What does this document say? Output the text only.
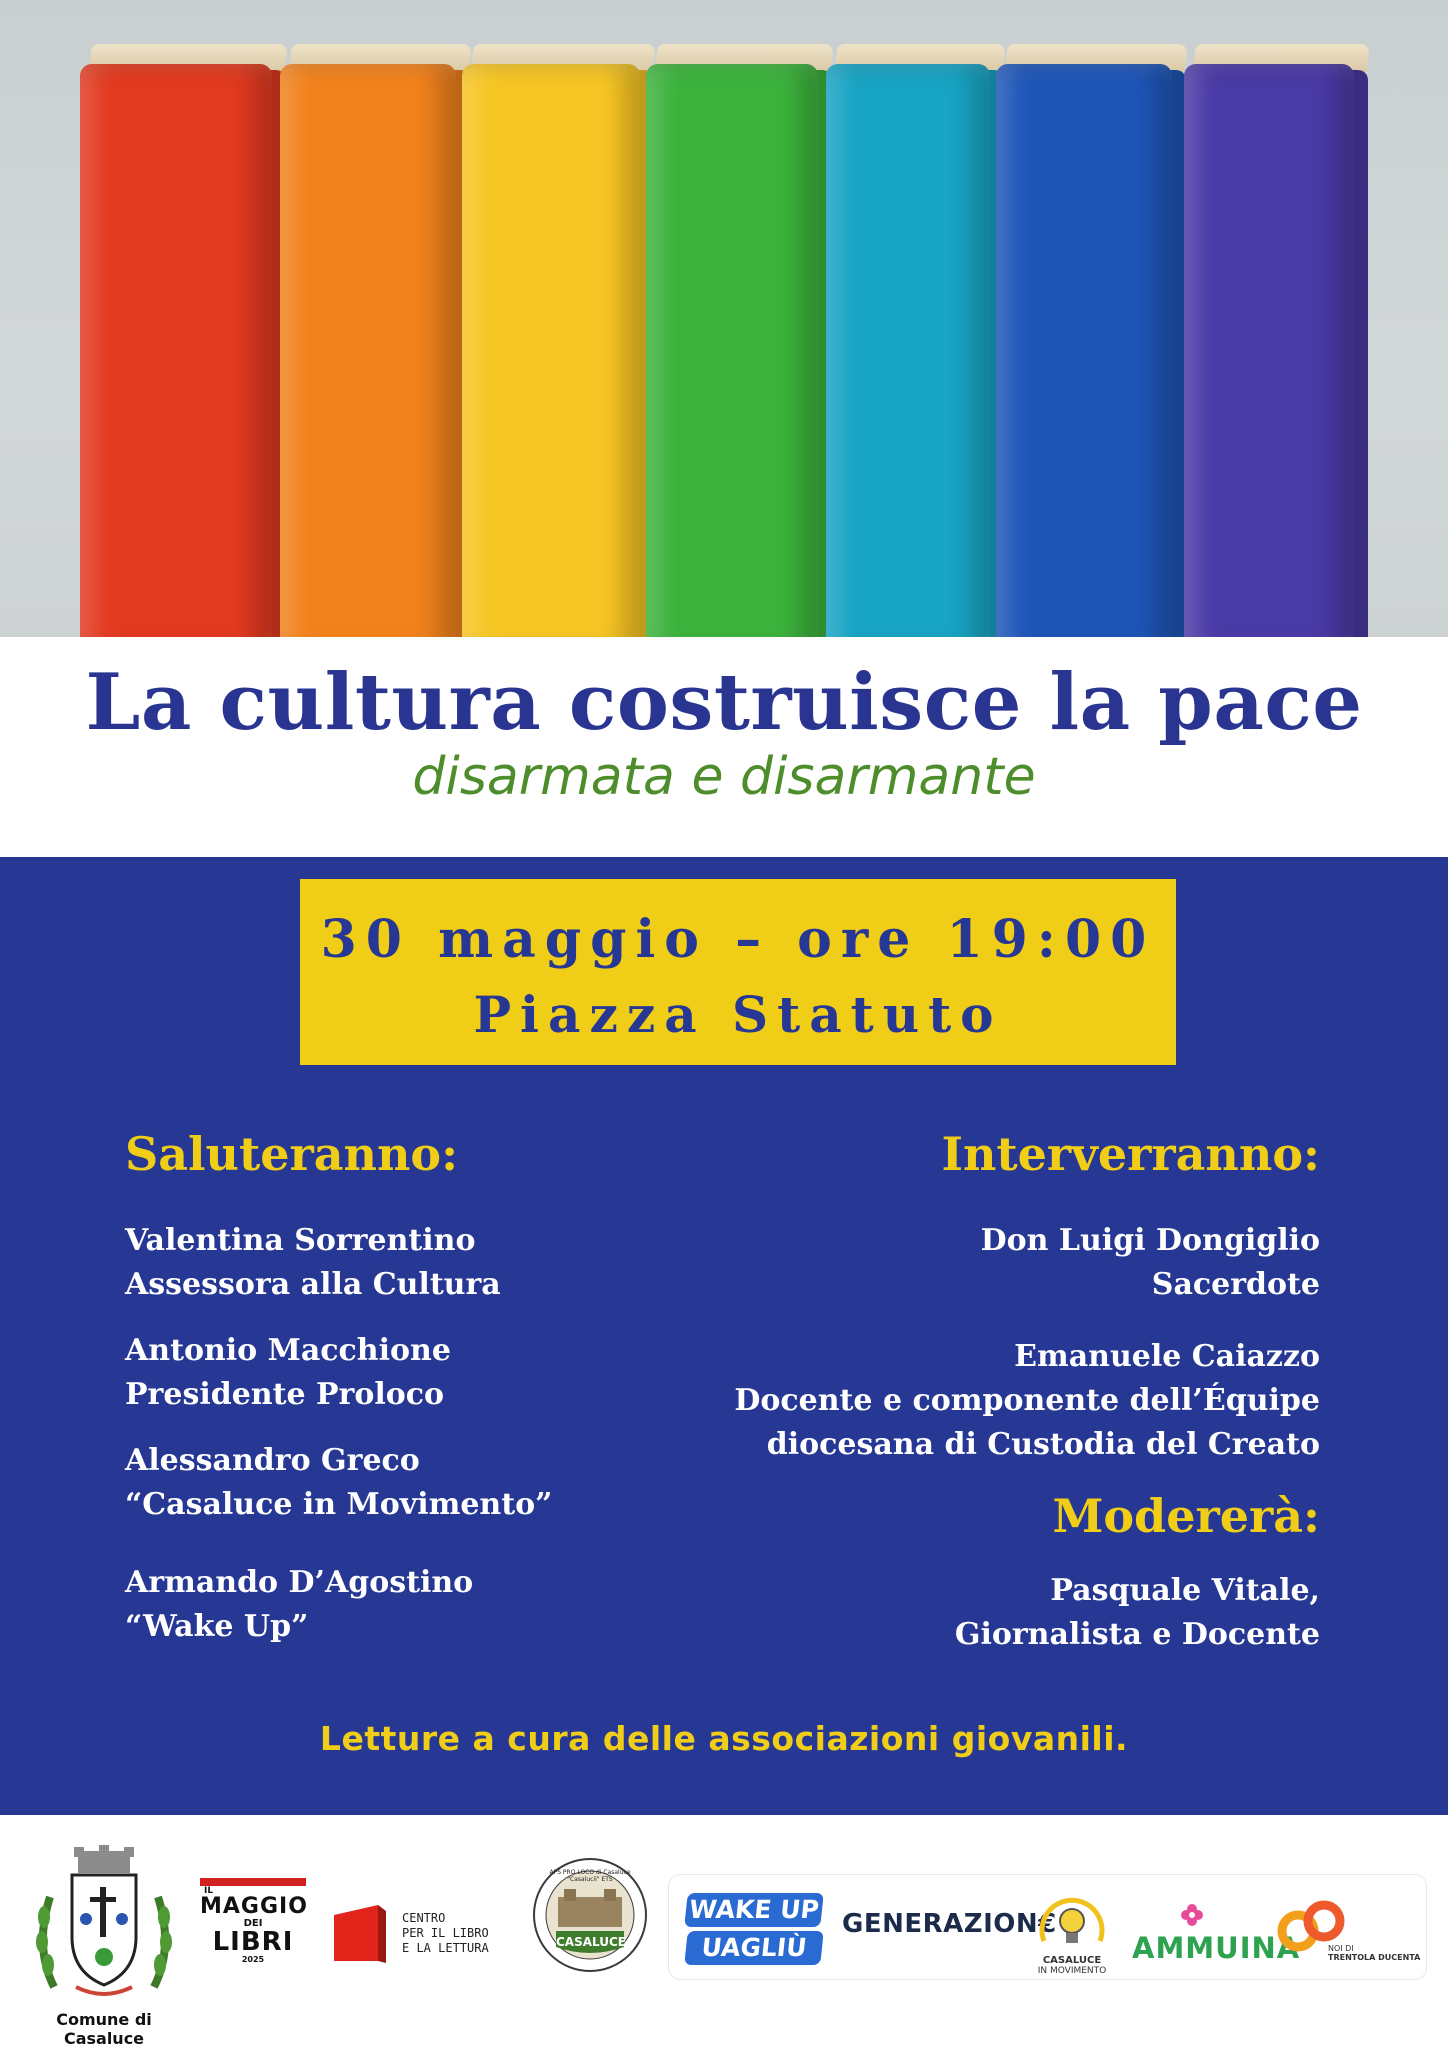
La cultura costruisce la pace
disarmata e disarmante
30 maggio – ore 19:00
Piazza Statuto
Saluteranno:
Valentina Sorrentino
Assessora alla Cultura
Antonio Macchione
Presidente Proloco
Alessandro Greco
“Casaluce in Movimento”
Armando D’Agostino
“Wake Up”
Interverranno:
Don Luigi Dongiglio
Sacerdote
Emanuele Caiazzo
Docente e componente dell’Équipe
diocesana di Custodia del Creato
Modererà:
Pasquale Vitale,
Giornalista e Docente
Letture a cura delle associazioni giovanili.
Comune di Casaluce
IL
MAGGIO
DEI
LIBRI
2025
CENTRO
PER IL LIBRO
E LA LETTURA
APS PRO LOCO di Casaluce "Casalucii" ETS
CASALUCE
WAKE UP
UAGLIÙ
GENERAZION€
CASALUCE
IN MOVIMENTO
AMMUINA	NOI DI
TRENTOLA DUCENTA
